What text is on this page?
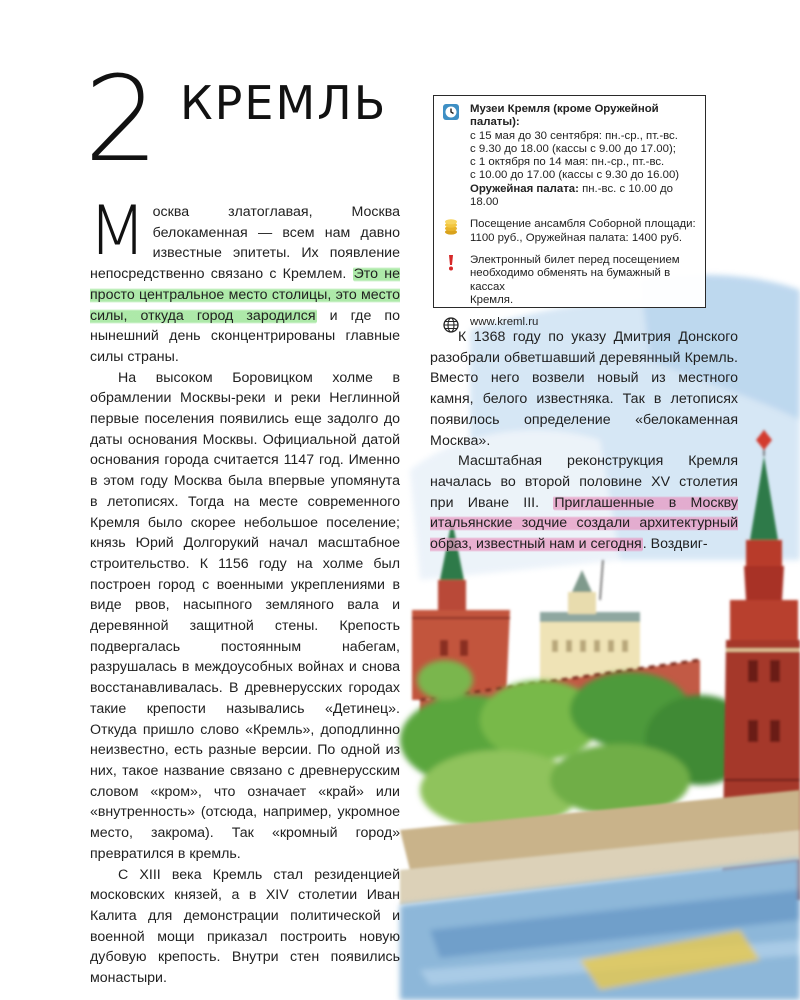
2 КРЕМЛЬ

Москва златоглавая, Москва белокаменная — всем нам давно известные эпитеты. Их появление непосредственно связано с Кремлем. Это не просто центральное место столицы, это место силы, откуда город зародился и где по нынешний день сконцентрированы главные силы страны.

На высоком Боровицком холме в обрамлении Москвы-реки и реки Неглинной первые поселения появились еще задолго до даты основания Москвы. Официальной датой основания города считается 1147 год. Именно в этом году Москва была впервые упомянута в летописях. Тогда на месте современного Кремля было скорее небольшое поселение; князь Юрий Долгорукий начал масштабное строительство. К 1156 году на холме был построен город с военными укреплениями в виде рвов, насыпного земляного вала и деревянной защитной стены. Крепость подвергалась постоянным набегам, разрушалась в междоусобных войнах и снова восстанавливалась. В древнерусских городах такие крепости назывались «Детинец». Откуда пришло слово «Кремль», доподлинно неизвестно, есть разные версии. По одной из них, такое название связано с древнерусским словом «кром», что означает «край» или «внутренность» (отсюда, например, укромное место, закрома). Так «кромный город» превратился в кремль.

С XIII века Кремль стал резиденцией московских князей, а в XIV столетии Иван Калита для демонстрации политической и военной мощи приказал построить новую дубовую крепость. Внутри стен появились монастыри.

Музеи Кремля (кроме Оружейной палаты):
с 15 мая до 30 сентября: пн.-ср., пт.-вс.
с 9.30 до 18.00 (кассы с 9.00 до 17.00);
с 1 октября по 14 мая: пн.-ср., пт.-вс.
с 10.00 до 17.00 (кассы с 9.30 до 16.00)
Оружейная палата: пн.-вс. с 10.00 до 18.00
Посещение ансамбля Соборной площади:
1100 руб., Оружейная палата: 1400 руб.
Электронный билет перед посещением
необходимо обменять на бумажный в кассах
Кремля.
www.kreml.ru

К 1368 году по указу Дмитрия Донского разобрали обветшавший деревянный Кремль. Вместо него возвели новый из местного камня, белого известняка. Так в летописях появилось определение «белокаменная Москва».

Масштабная реконструкция Кремля началась во второй половине XV столетия при Иване III. Приглашенные в Москву итальянские зодчие создали архитектурный образ, известный нам и сегодня. Воздвиг-
